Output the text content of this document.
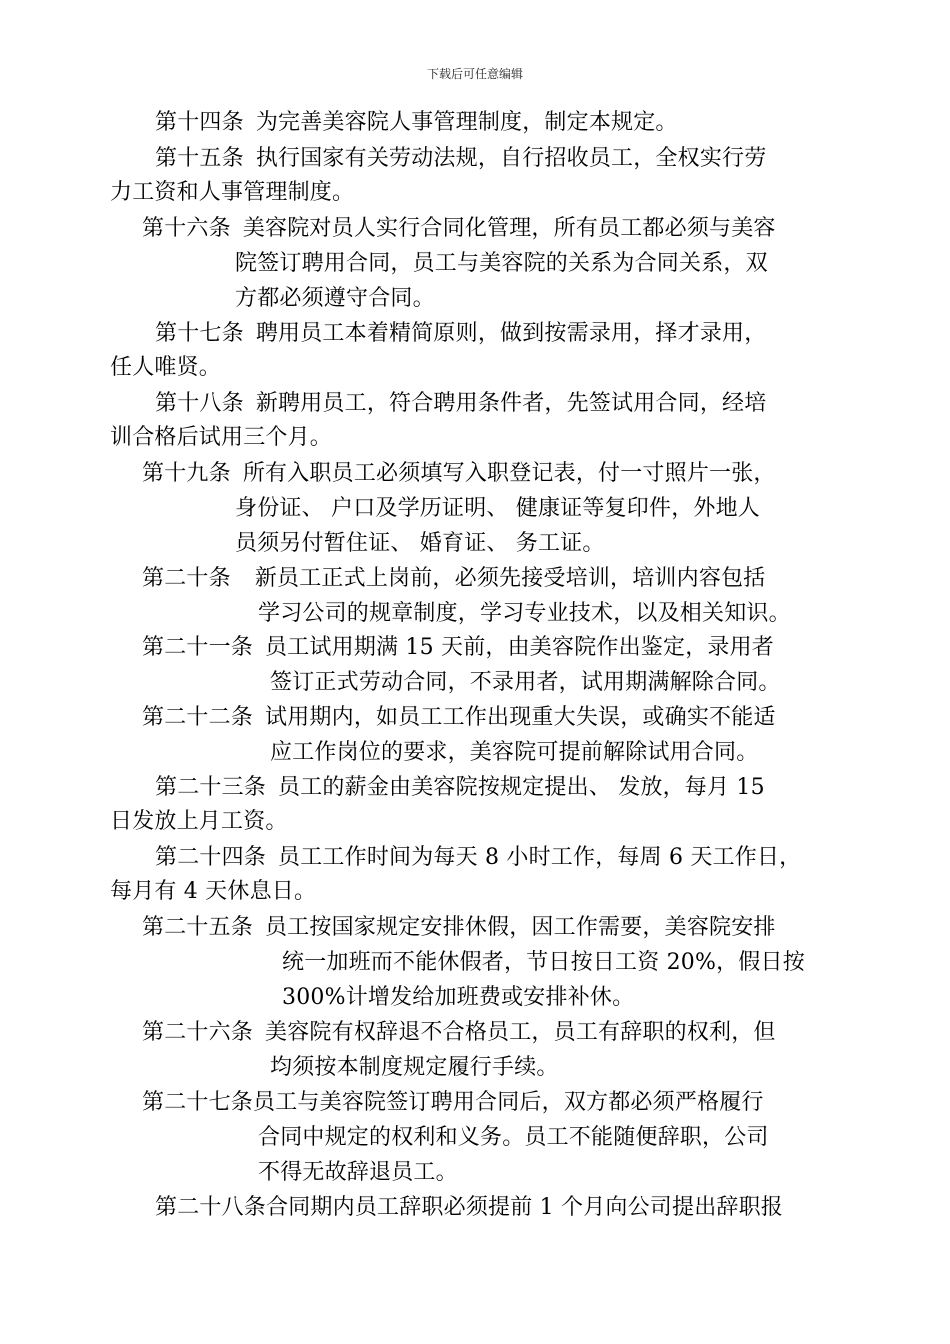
下载后可任意编辑
第十四条 为完善美容院人事管理制度，制定本规定。
第十五条 执行国家有关劳动法规，自行招收员工，全权实行劳
力工资和人事管理制度。
第十六条 美容院对员人实行合同化管理，所有员工都必须与美容
院签订聘用合同，员工与美容院的关系为合同关系，双
方都必须遵守合同。
第十七条 聘用员工本着精简原则，做到按需录用，择才录用，
任人唯贤。
第十八条 新聘用员工，符合聘用条件者，先签试用合同，经培
训合格后试用三个月。
第十九条 所有入职员工必须填写入职登记表，付一寸照片一张，
身份证、 户口及学历证明、 健康证等复印件，外地人
员须另付暂住证、 婚育证、 务工证。
第二十条 新员工正式上岗前，必须先接受培训，培训内容包括
学习公司的规章制度，学习专业技术，以及相关知识。
第二十一条 员工试用期满 15 天前，由美容院作出鉴定，录用者
签订正式劳动合同，不录用者，试用期满解除合同。
第二十二条 试用期内，如员工工作出现重大失误，或确实不能适
应工作岗位的要求，美容院可提前解除试用合同。
第二十三条 员工的薪金由美容院按规定提出、 发放，每月 15
日发放上月工资。
第二十四条 员工工作时间为每天 8 小时工作，每周 6 天工作日，
每月有 4 天休息日。
第二十五条 员工按国家规定安排休假，因工作需要，美容院安排
统一加班而不能休假者，节日按日工资 20%，假日按
300%计增发给加班费或安排补休。
第二十六条 美容院有权辞退不合格员工，员工有辞职的权利，但
均须按本制度规定履行手续。
第二十七条员工与美容院签订聘用合同后，双方都必须严格履行
合同中规定的权利和义务。员工不能随便辞职，公司
不得无故辞退员工。
第二十八条合同期内员工辞职必须提前 1 个月向公司提出辞职报
